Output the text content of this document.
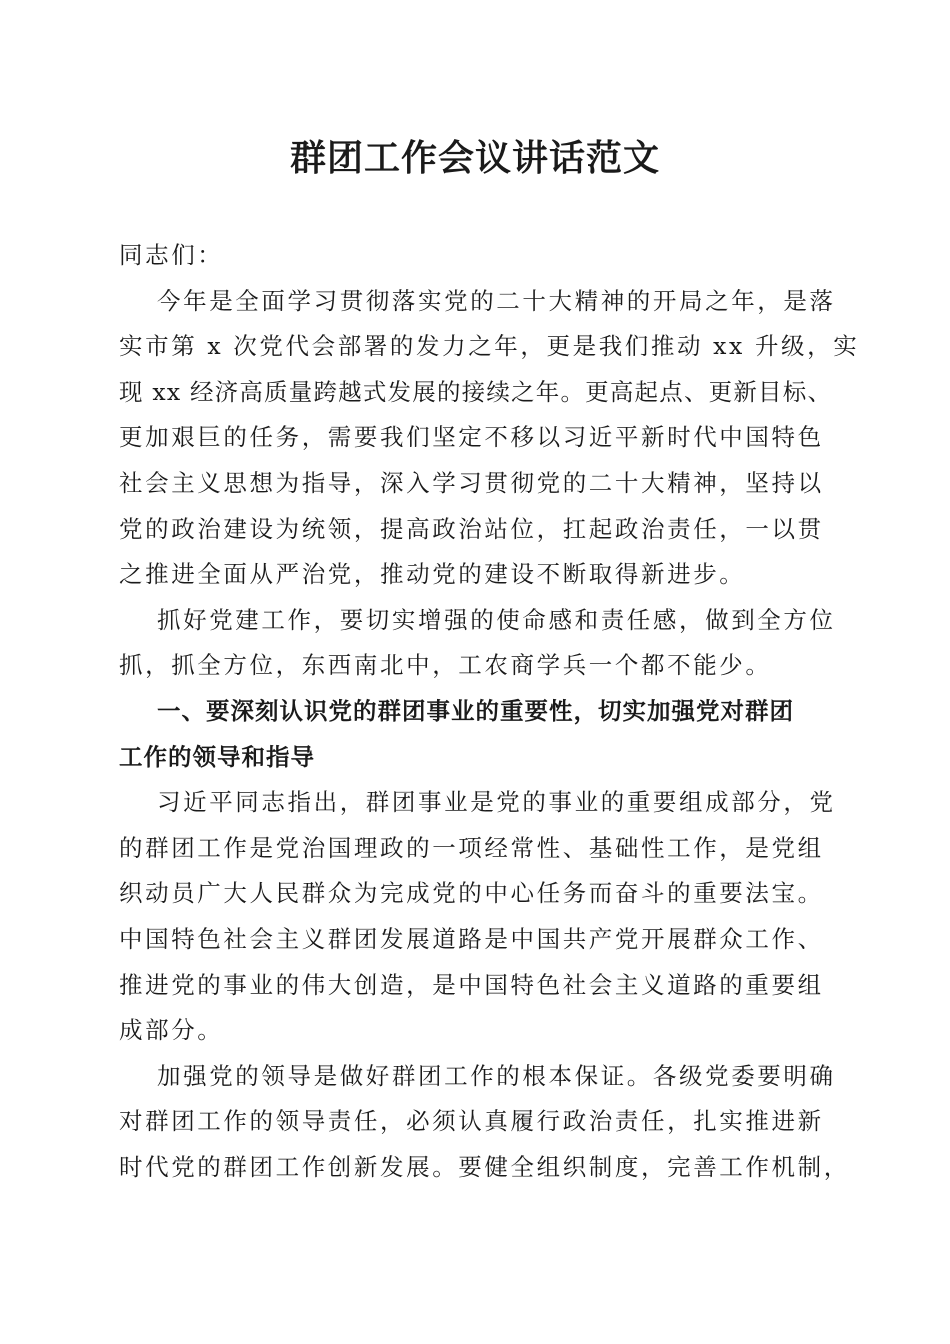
群团工作会议讲话范文

同志们：

今年是全面学习贯彻落实党的二十大精神的开局之年，是落

实市第 x 次党代会部署的发力之年，更是我们推动 xx 升级，实

现 xx 经济高质量跨越式发展的接续之年。更高起点、更新目标、

更加艰巨的任务，需要我们坚定不移以习近平新时代中国特色

社会主义思想为指导，深入学习贯彻党的二十大精神，坚持以

党的政治建设为统领，提高政治站位，扛起政治责任，一以贯

之推进全面从严治党，推动党的建设不断取得新进步。

抓好党建工作，要切实增强的使命感和责任感，做到全方位

抓，抓全方位，东西南北中，工农商学兵一个都不能少。

一、要深刻认识党的群团事业的重要性，切实加强党对群团

工作的领导和指导

习近平同志指出，群团事业是党的事业的重要组成部分，党

的群团工作是党治国理政的一项经常性、基础性工作，是党组

织动员广大人民群众为完成党的中心任务而奋斗的重要法宝。

中国特色社会主义群团发展道路是中国共产党开展群众工作、

推进党的事业的伟大创造，是中国特色社会主义道路的重要组

成部分。

加强党的领导是做好群团工作的根本保证。各级党委要明确

对群团工作的领导责任，必须认真履行政治责任，扎实推进新

时代党的群团工作创新发展。要健全组织制度，完善工作机制，
